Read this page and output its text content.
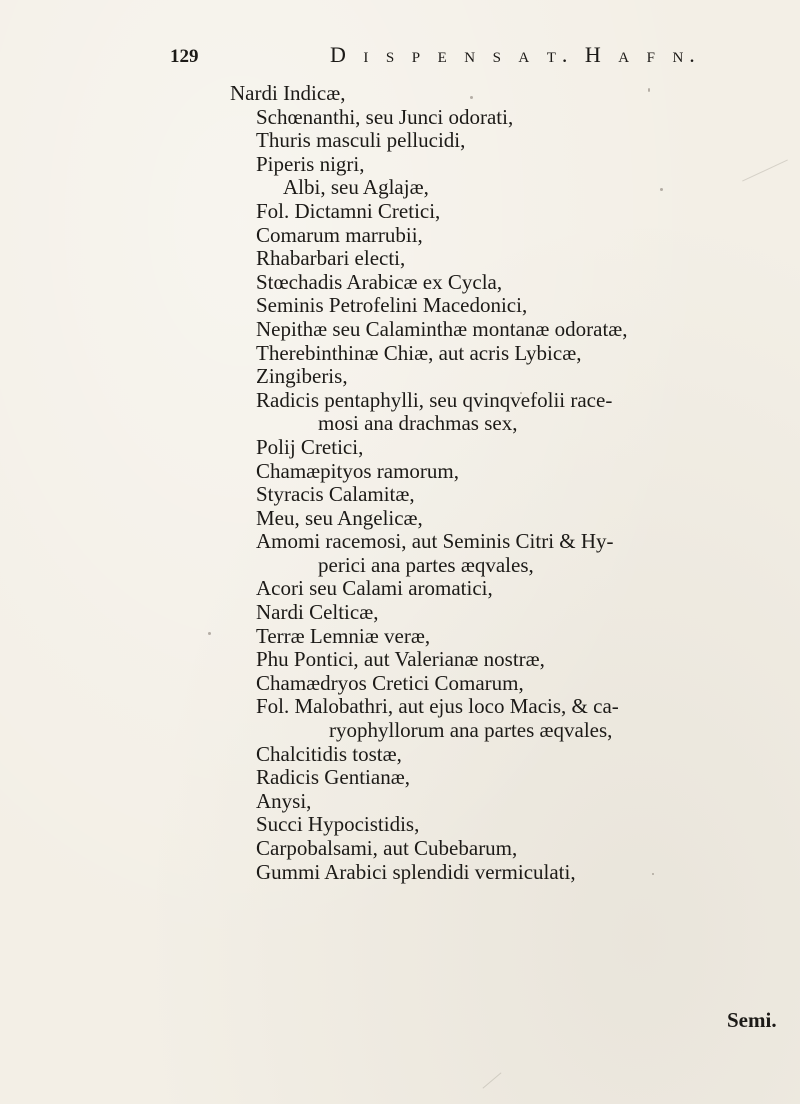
129	D i s p e n s a t. H a f n.
Nardi Indicæ,
Schœnanthi, seu Junci odorati,
Thuris masculi pellucidi,
Piperis nigri,
Albi, seu Aglajæ,
Fol. Dictamni Cretici,
Comarum marrubii,
Rhabarbari electi,
Stœchadis Arabicæ ex Cycla,
Seminis Petrofelini Macedonici,
Nepithæ seu Calaminthæ montanæ odoratæ,
Therebinthinæ Chiæ, aut acris Lybicæ,
Zingiberis,
Radicis pentaphylli, seu qvinqvefolii race-
mosi ana drachmas sex,
Polij Cretici,
Chamæpityos ramorum,
Styracis Calamitæ,
Meu, seu Angelicæ,
Amomi racemosi, aut Seminis Citri & Hy-
perici ana partes æqvales,
Acori seu Calami aromatici,
Nardi Celticæ,
Terræ Lemniæ veræ,
Phu Pontici, aut Valerianæ nostræ,
Chamædryos Cretici Comarum,
Fol. Malobathri, aut ejus loco Macis, & ca-
ryophyllorum ana partes æqvales,
Chalcitidis tostæ,
Radicis Gentianæ,
Anysi,
Succi Hypocistidis,
Carpobalsami, aut Cubebarum,
Gummi Arabici splendidi vermiculati,
Semi.
